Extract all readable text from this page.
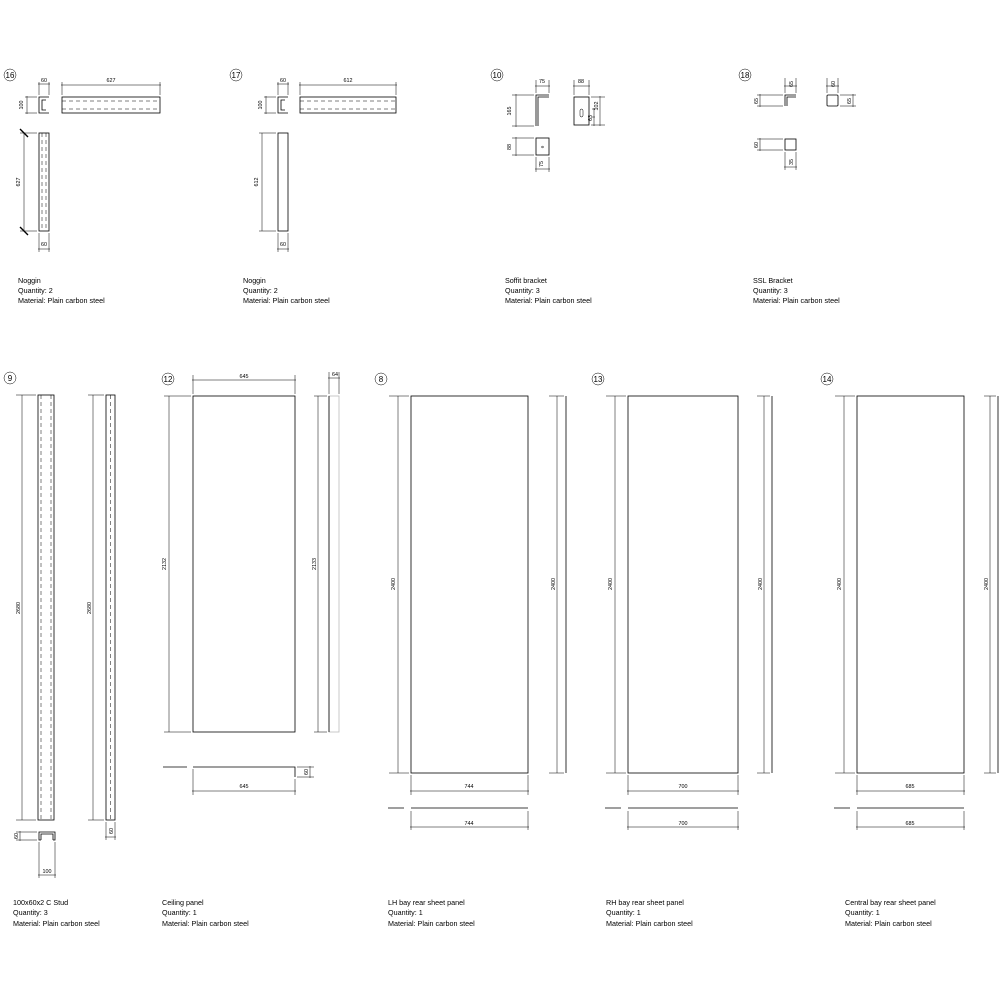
16
60
100
627
627
60
Noggin
Quantity: 2
Material: Plain carbon steel
17
60
100
612
612
60
Noggin
Quantity: 2
Material: Plain carbon steel
10
75
165
88
102
63
88
75
Soffit bracket
Quantity: 3
Material: Plain carbon steel
18
65
65
60
65
60
35
SSL Bracket
Quantity: 3
Material: Plain carbon steel
9
2680	2680
60
60
100
100x60x2 C Stud
Quantity: 3
Material: Plain carbon steel
12	645
2132
64
2133
60
645
Ceiling panel
Quantity: 1
Material: Plain carbon steel
8
2400	2400
744
744
LH bay rear sheet panel
Quantity: 1
Material: Plain carbon steel
13
2400	2400
700
700
RH bay rear sheet panel
Quantity: 1
Material: Plain carbon steel
14
2400	2400
685
685
Central bay rear sheet panel
Quantity: 1
Material: Plain carbon steel
